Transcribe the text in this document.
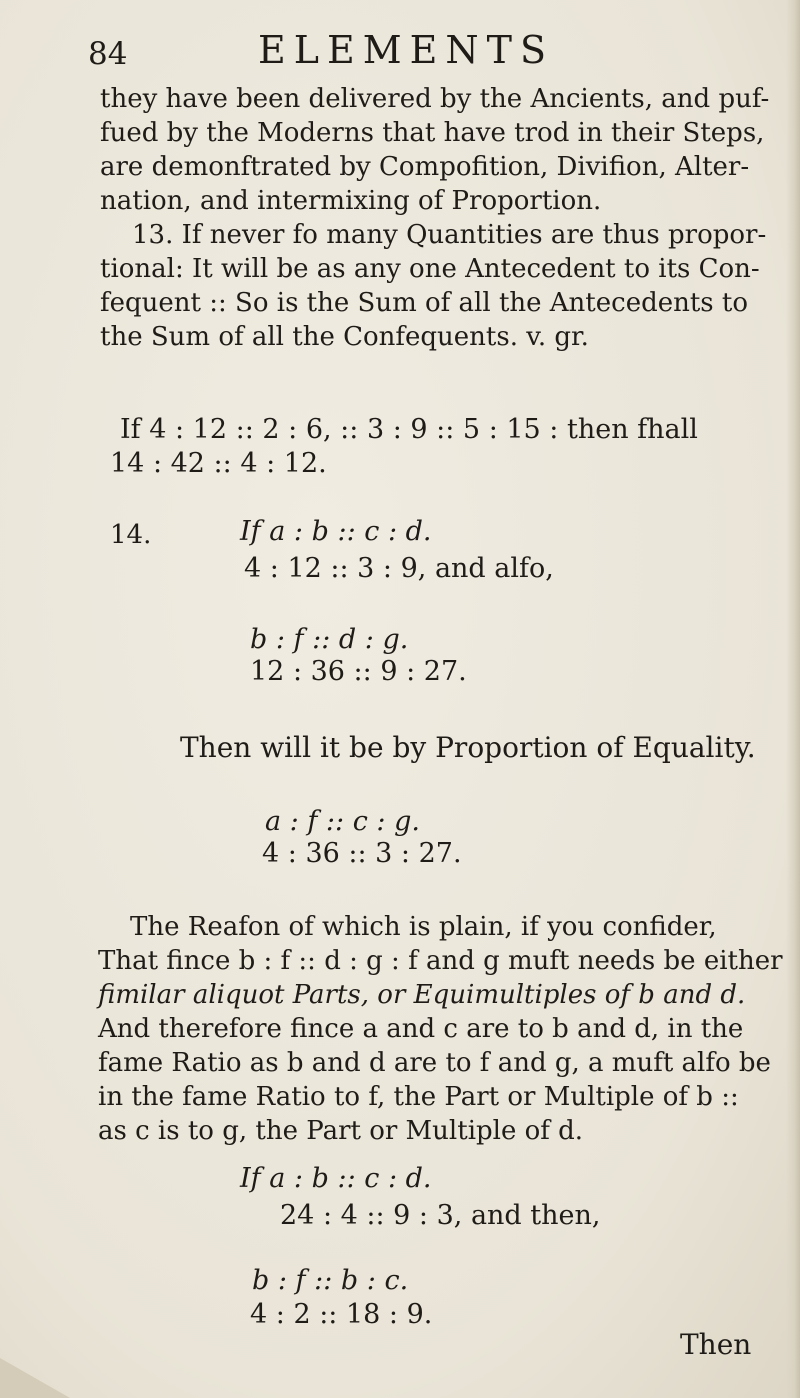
84	ELEMENTS
they have been delivered by the Ancients, and puf-
fued by the Moderns that have trod in their Steps,
are demonftrated by Compofition, Divifion, Alter-
nation, and intermixing of Proportion.
13. If never fo many Quantities are thus propor-
tional: It will be as any one Antecedent to its Con-
fequent :: So is the Sum of all the Antecedents to
the Sum of all the Confequents. v. gr.
If 4 : 12 :: 2 : 6, :: 3 : 9 :: 5 : 15 : then fhall
14 : 42 :: 4 : 12.
14.	If a : b :: c : d.
4 : 12 :: 3 : 9, and alfo,
b : f :: d : g.
12 : 36 :: 9 : 27.
Then will it be by Proportion of Equality.
a : f :: c : g.
4 : 36 :: 3 : 27.
The Reafon of which is plain, if you confider,
That fince b : f :: d : g : f and g muft needs be either
fimilar aliquot Parts, or Equimultiples of b and d.
And therefore fince a and c are to b and d, in the
fame Ratio as b and d are to f and g, a muft alfo be
in the fame Ratio to f, the Part or Multiple of b ::
as c is to g, the Part or Multiple of d.
If a : b :: c : d.
24 : 4 :: 9 : 3, and then,
b : f :: b : c.
4 : 2 :: 18 : 9.
Then
